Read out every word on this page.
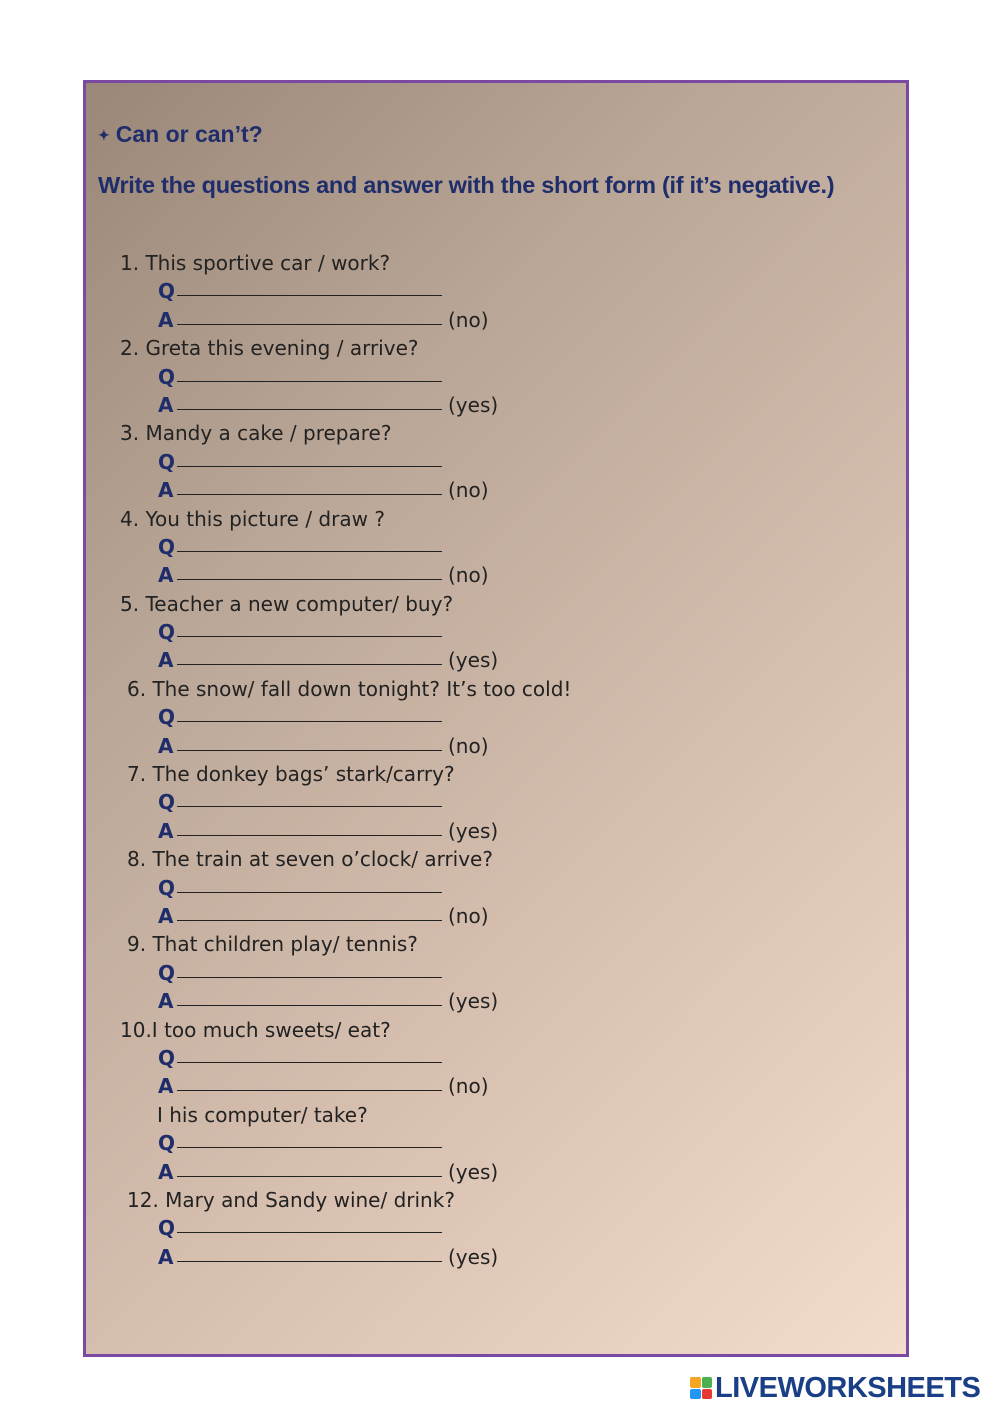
✦ Can or can’t?
Write the questions and answer with the short form (if it’s negative.)
1. This sportive car / work?
Q
A	(no)
2. Greta this evening / arrive?
Q
A	(yes)
3. Mandy a cake / prepare?
Q
A	(no)
4. You this picture / draw ?
Q
A	(no)
5. Teacher a new computer/ buy?
Q
A	(yes)
6. The snow/ fall down tonight? It’s too cold!
Q
A	(no)
7. The donkey bags’ stark/carry?
Q
A	(yes)
8. The train at seven o’clock/ arrive?
Q
A	(no)
9. That children play/ tennis?
Q
A	(yes)
10.I too much sweets/ eat?
Q
A	(no)
I his computer/ take?
Q
A	(yes)
12. Mary and Sandy wine/ drink?
Q
A	(yes)
LIVEWORKSHEETS
